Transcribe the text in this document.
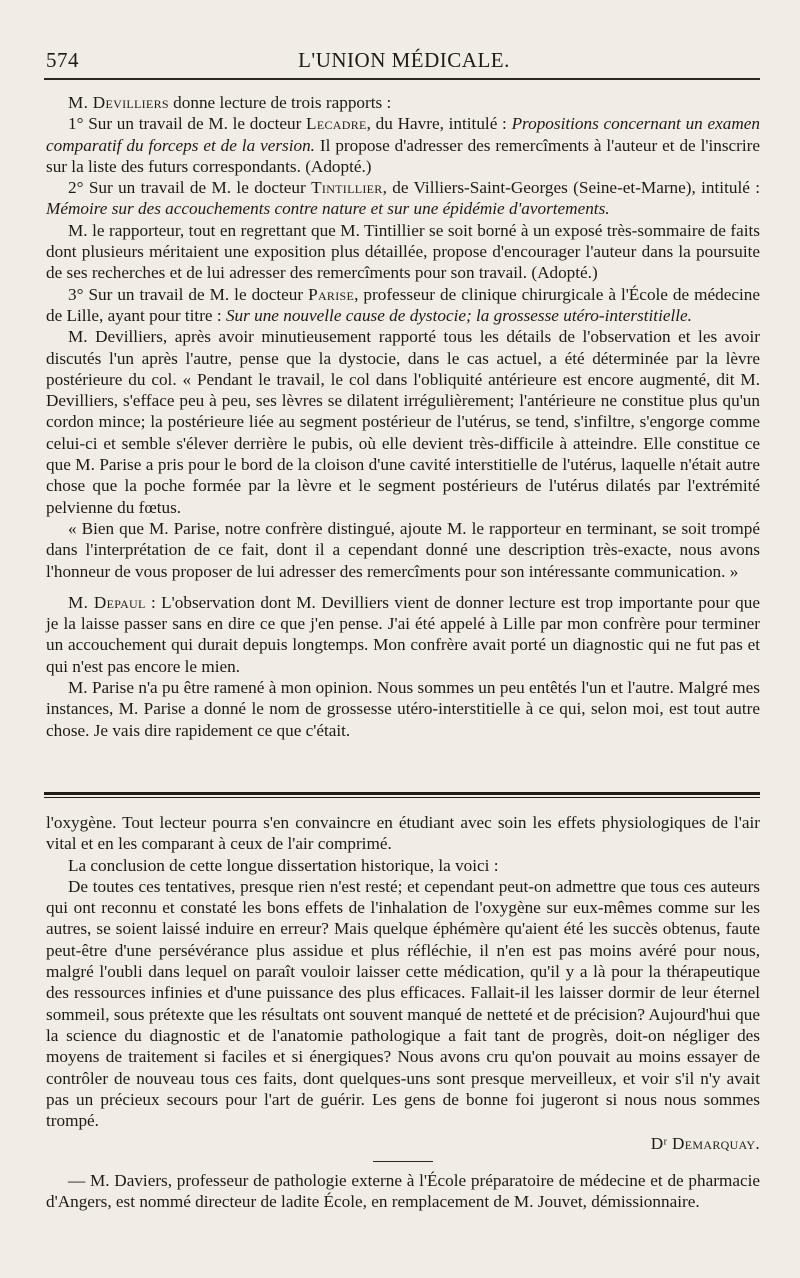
574	L'UNION MÉDICALE.

M. Devilliers donne lecture de trois rapports :

1° Sur un travail de M. le docteur Lecadre, du Havre, intitulé : Propositions concernant un examen comparatif du forceps et de la version. Il propose d'adresser des remercîments à l'auteur et de l'inscrire sur la liste des futurs correspondants. (Adopté.)

2° Sur un travail de M. le docteur Tintillier, de Villiers-Saint-Georges (Seine-et-Marne), intitulé : Mémoire sur des accouchements contre nature et sur une épidémie d'avortements.

M. le rapporteur, tout en regrettant que M. Tintillier se soit borné à un exposé très-sommaire de faits dont plusieurs méritaient une exposition plus détaillée, propose d'encourager l'auteur dans la poursuite de ses recherches et de lui adresser des remercîments pour son travail. (Adopté.)

3° Sur un travail de M. le docteur Parise, professeur de clinique chirurgicale à l'École de médecine de Lille, ayant pour titre : Sur une nouvelle cause de dystocie; la grossesse utéro-interstitielle.

M. Devilliers, après avoir minutieusement rapporté tous les détails de l'observation et les avoir discutés l'un après l'autre, pense que la dystocie, dans le cas actuel, a été déterminée par la lèvre postérieure du col. « Pendant le travail, le col dans l'obliquité antérieure est encore augmenté, dit M. Devilliers, s'efface peu à peu, ses lèvres se dilatent irrégulièrement; l'antérieure ne constitue plus qu'un cordon mince; la postérieure liée au segment postérieur de l'utérus, se tend, s'infiltre, s'engorge comme celui-ci et semble s'élever derrière le pubis, où elle devient très-difficile à atteindre. Elle constitue ce que M. Parise a pris pour le bord de la cloison d'une cavité interstitielle de l'utérus, laquelle n'était autre chose que la poche formée par la lèvre et le segment postérieurs de l'utérus dilatés par l'extrémité pelvienne du fœtus.

« Bien que M. Parise, notre confrère distingué, ajoute M. le rapporteur en terminant, se soit trompé dans l'interprétation de ce fait, dont il a cependant donné une description très-exacte, nous avons l'honneur de vous proposer de lui adresser des remercîments pour son intéressante communication. »

M. Depaul : L'observation dont M. Devilliers vient de donner lecture est trop importante pour que je la laisse passer sans en dire ce que j'en pense. J'ai été appelé à Lille par mon confrère pour terminer un accouchement qui durait depuis longtemps. Mon confrère avait porté un diagnostic qui ne fut pas et qui n'est pas encore le mien.

M. Parise n'a pu être ramené à mon opinion. Nous sommes un peu entêtés l'un et l'autre. Malgré mes instances, M. Parise a donné le nom de grossesse utéro-interstitielle à ce qui, selon moi, est tout autre chose. Je vais dire rapidement ce que c'était.

l'oxygène. Tout lecteur pourra s'en convaincre en étudiant avec soin les effets physiologiques de l'air vital et en les comparant à ceux de l'air comprimé.

La conclusion de cette longue dissertation historique, la voici :

De toutes ces tentatives, presque rien n'est resté; et cependant peut-on admettre que tous ces auteurs qui ont reconnu et constaté les bons effets de l'inhalation de l'oxygène sur eux-mêmes comme sur les autres, se soient laissé induire en erreur? Mais quelque éphémère qu'aient été les succès obtenus, faute peut-être d'une persévérance plus assidue et plus réfléchie, il n'en est pas moins avéré pour nous, malgré l'oubli dans lequel on paraît vouloir laisser cette médication, qu'il y a là pour la thérapeutique des ressources infinies et d'une puissance des plus efficaces. Fallait-il les laisser dormir de leur éternel sommeil, sous prétexte que les résultats ont souvent manqué de netteté et de précision? Aujourd'hui que la science du diagnostic et de l'anatomie pathologique a fait tant de progrès, doit-on négliger des moyens de traitement si faciles et si énergiques? Nous avons cru qu'on pouvait au moins essayer de contrôler de nouveau tous ces faits, dont quelques-uns sont presque merveilleux, et voir s'il n'y avait pas un précieux secours pour l'art de guérir. Les gens de bonne foi jugeront si nous nous sommes trompé.

Dʳ Demarquay.

— M. Daviers, professeur de pathologie externe à l'École préparatoire de médecine et de pharmacie d'Angers, est nommé directeur de ladite École, en remplacement de M. Jouvet, démissionnaire.
